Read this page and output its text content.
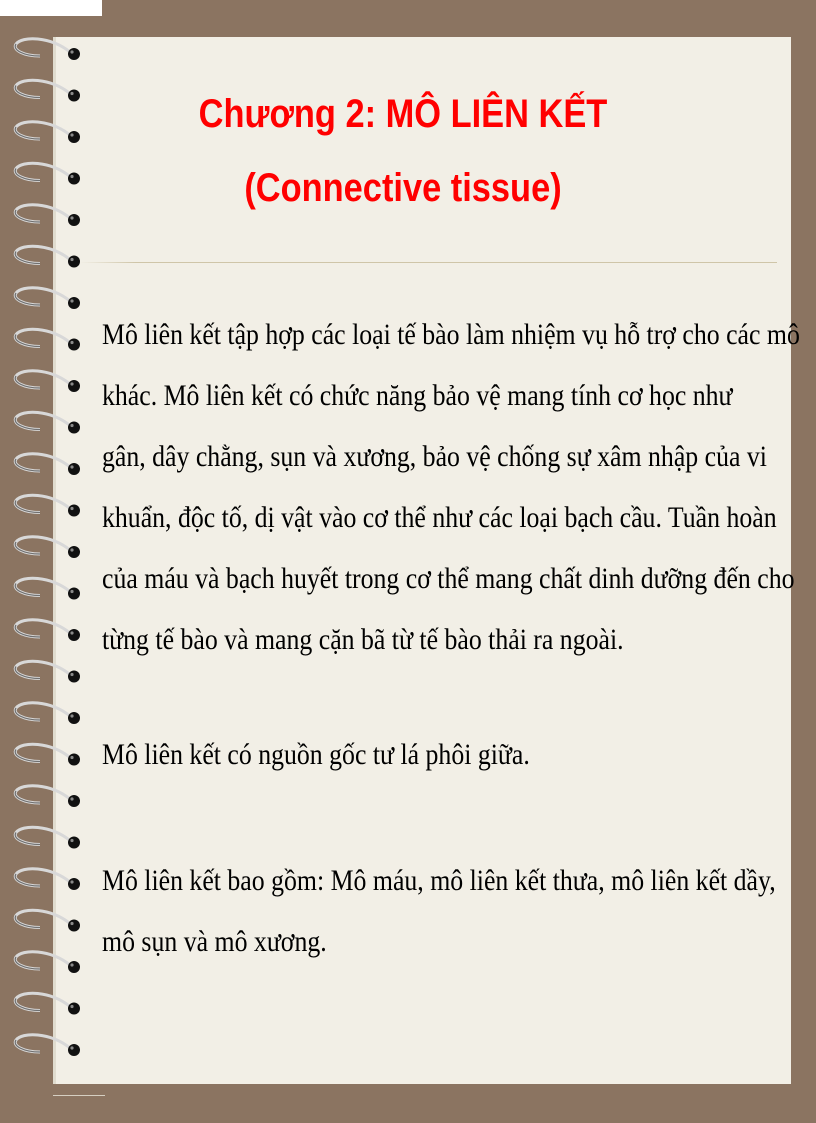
Chương 2: MÔ LIÊN KẾT
(Connective tissue)
Mô liên kết tập hợp các loại tế bào làm nhiệm vụ hỗ trợ cho các mô
khác. Mô liên kết có chức năng bảo vệ mang tính cơ học như
gân, dây chằng, sụn và xương, bảo vệ chống sự xâm nhập của vi
khuẩn, độc tố, dị vật vào cơ thể như các loại bạch cầu. Tuần hoàn
của máu và bạch huyết trong cơ thể mang chất dinh dưỡng đến cho
từng tế bào và mang cặn bã từ tế bào thải ra ngoài.
Mô liên kết có nguồn gốc tư lá phôi giữa.
Mô liên kết bao gồm: Mô máu, mô liên kết thưa, mô liên kết dầy,
mô sụn và mô xương.
